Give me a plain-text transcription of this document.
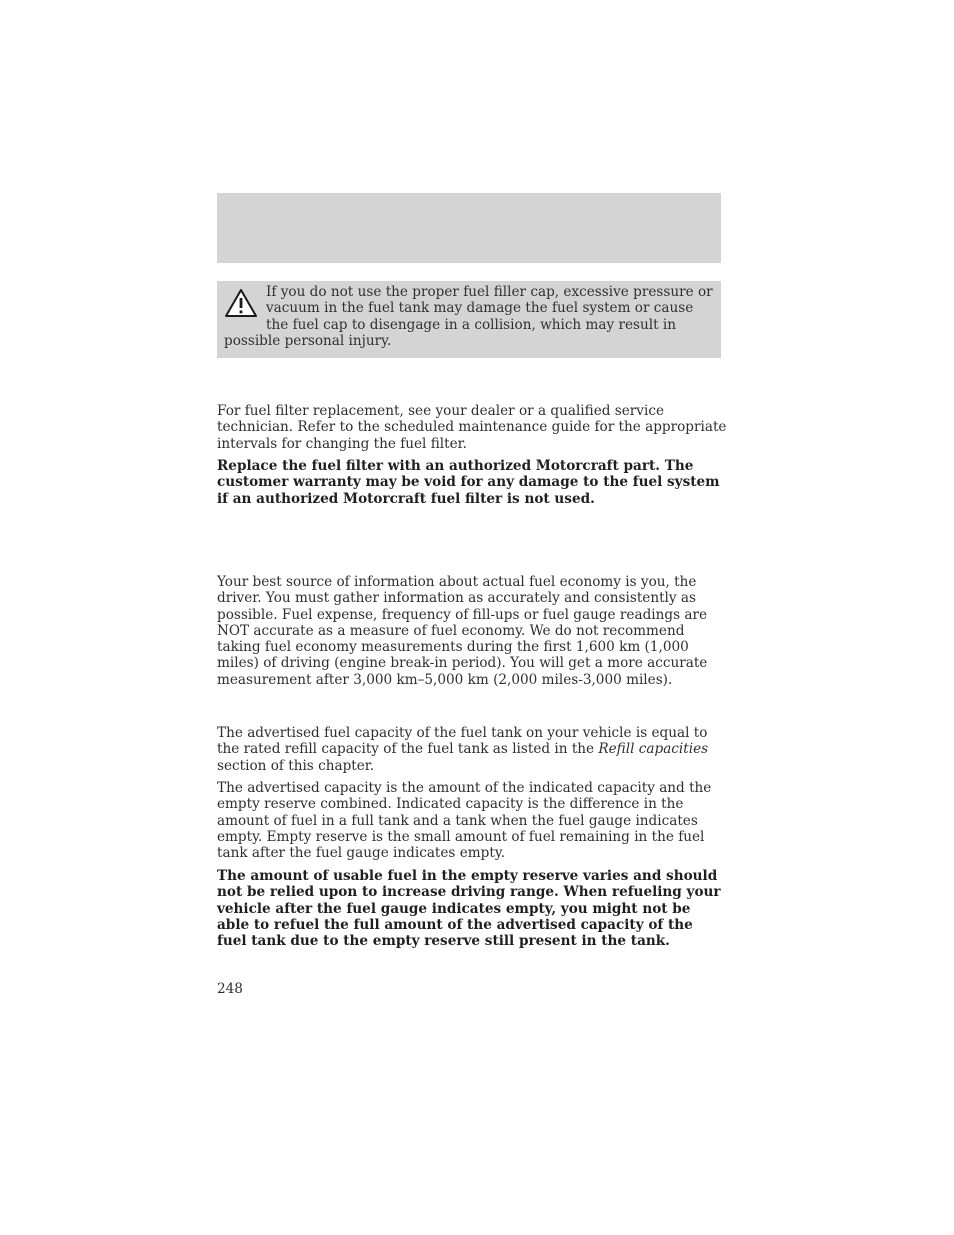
If you do not use the proper fuel filler cap, excessive pressure or vacuum in the fuel tank may damage the fuel system or cause the fuel cap to disengage in a collision, which may result in possible personal injury.

For fuel filter replacement, see your dealer or a qualified service technician. Refer to the scheduled maintenance guide for the appropriate intervals for changing the fuel filter.

Replace the fuel filter with an authorized Motorcraft part. The customer warranty may be void for any damage to the fuel system if an authorized Motorcraft fuel filter is not used.

Your best source of information about actual fuel economy is you, the driver. You must gather information as accurately and consistently as possible. Fuel expense, frequency of fill-ups or fuel gauge readings are NOT accurate as a measure of fuel economy. We do not recommend taking fuel economy measurements during the first 1,600 km (1,000 miles) of driving (engine break-in period). You will get a more accurate measurement after 3,000 km–5,000 km (2,000 miles-3,000 miles).

The advertised fuel capacity of the fuel tank on your vehicle is equal to the rated refill capacity of the fuel tank as listed in the Refill capacities section of this chapter.

The advertised capacity is the amount of the indicated capacity and the empty reserve combined. Indicated capacity is the difference in the amount of fuel in a full tank and a tank when the fuel gauge indicates empty. Empty reserve is the small amount of fuel remaining in the fuel tank after the fuel gauge indicates empty.

The amount of usable fuel in the empty reserve varies and should not be relied upon to increase driving range. When refueling your vehicle after the fuel gauge indicates empty, you might not be able to refuel the full amount of the advertised capacity of the fuel tank due to the empty reserve still present in the tank.

248
